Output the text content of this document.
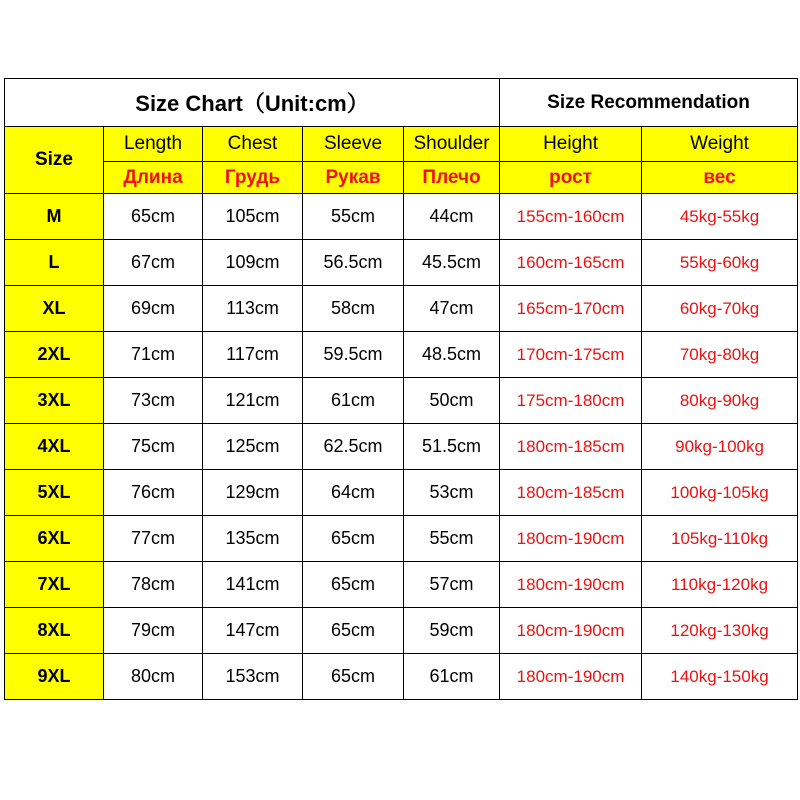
Size Chart（Unit:cm）					Size Recommendation	
Size	Length	Chest	Sleeve	Shoulder	Height	Weight
	Длина	Грудь	Рукав	Плечо	рост	вес
M	65cm	105cm	55cm	44cm	155cm-160cm	45kg-55kg
L	67cm	109cm	56.5cm	45.5cm	160cm-165cm	55kg-60kg
XL	69cm	113cm	58cm	47cm	165cm-170cm	60kg-70kg
2XL	71cm	117cm	59.5cm	48.5cm	170cm-175cm	70kg-80kg
3XL	73cm	121cm	61cm	50cm	175cm-180cm	80kg-90kg
4XL	75cm	125cm	62.5cm	51.5cm	180cm-185cm	90kg-100kg
5XL	76cm	129cm	64cm	53cm	180cm-185cm	100kg-105kg
6XL	77cm	135cm	65cm	55cm	180cm-190cm	105kg-110kg
7XL	78cm	141cm	65cm	57cm	180cm-190cm	110kg-120kg
8XL	79cm	147cm	65cm	59cm	180cm-190cm	120kg-130kg
9XL	80cm	153cm	65cm	61cm	180cm-190cm	140kg-150kg
